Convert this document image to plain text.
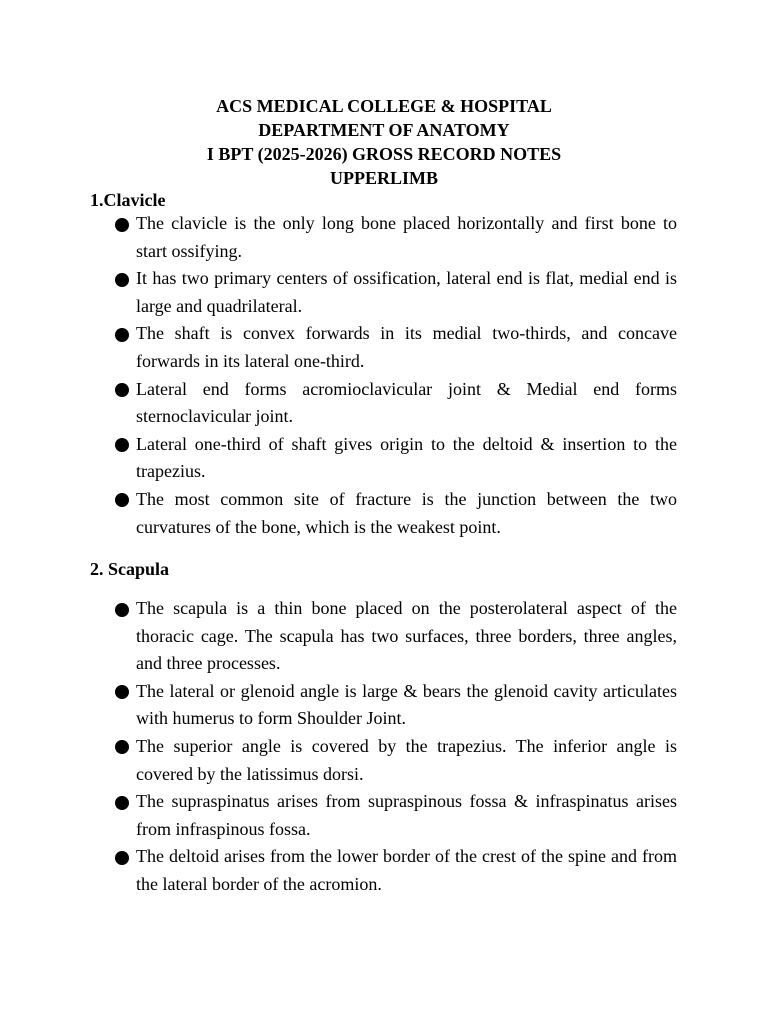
ACS MEDICAL COLLEGE & HOSPITAL
DEPARTMENT OF ANATOMY
I BPT (2025-2026) GROSS RECORD NOTES
UPPERLIMB
1.Clavicle
The clavicle is the only long bone placed horizontally and first bone to start ossifying.
It has two primary centers of ossification, lateral end is flat, medial end is large and quadrilateral.
The shaft is convex forwards in its medial two-thirds, and concave forwards in its lateral one-third.
Lateral end forms acromioclavicular joint & Medial end forms sternoclavicular joint.
Lateral one-third of shaft gives origin to the deltoid & insertion to the trapezius.
The most common site of fracture is the junction between the two curvatures of the bone, which is the weakest point.
2. Scapula
The scapula is a thin bone placed on the posterolateral aspect of the thoracic cage. The scapula has two surfaces, three borders, three angles, and three processes.
The lateral or glenoid angle is large & bears the glenoid cavity articulates with humerus to form Shoulder Joint.
The superior angle is covered by the trapezius. The inferior angle is covered by the latissimus dorsi.
The supraspinatus arises from supraspinous fossa & infraspinatus arises from infraspinous fossa.
The deltoid arises from the lower border of the crest of the spine and from the lateral border of the acromion.
